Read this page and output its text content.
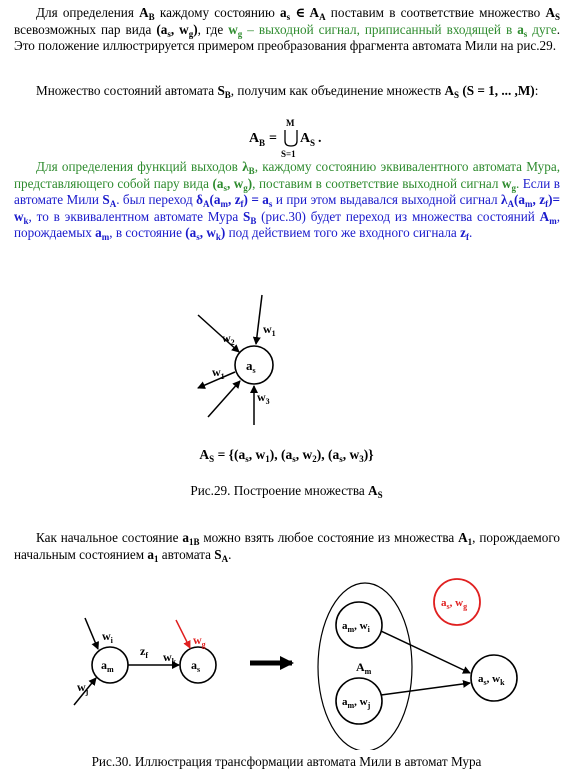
Для определения $A_B$ каждому состоянию $a_s$ ∈ $A_A$ поставим в соответствие множество $A_S$ всевозможных пар вида ($a_s$, $w_g$), где $w_g$ – выходной сигнал, приписанный входящей в $a_s$ дуге. Это положение иллюстрируется примером преобразования фрагмента автомата Мили на рис.29.

Множество состояний автомата $S_B$, получим как объединение множеств $A_S$ (S = 1, ... ,M):

A B =
M
S=1
A S .

Для определения функций выходов $\lambda_B$, каждому состоянию эквивалентного автомата Мура, представляющего собой пару вида ($a_s$, $w_g$), поставим в соответствие выходной сигнал $w_g$. Если в автомате Мили $S_A$. был переход $\delta_A(a_m$, $z_f) = a_s$ и при этом выдавался выходной сигнал $\lambda_A(a_m$, $z_f)= w_k$, то в эквивалентном автомате Мура $S_B$ (рис.30) будет переход из множества состояний $A_m$, порождаемых $a_m$, в состояние ($a_s$, $w_k$) под действием того же входного сигнала $z_f$.

$a_s$
$w_2$
$w_1$
$w_1$
$w_3$
$A_S = \{(a_s$, $w_1$), ($a_s$, $w_2$), ($a_s$, $w_3$)}
Рис.29. Построение множества $A_S$

Как начальное состояние $a_{1B}$ можно взять любое состояние из множества $A_1$, порождаемого начальным состоянием $a_1$ автомата $S_A$.

$a_m$	$a_s$
$w_i$
$w_j$
$z_f$ $w_k$
$w_g$
$A_m$
$a_m$, $w_i$
$a_m$, $w_j$
$a_s$, $w_k$
$a_s$, $w_g$
Рис.30. Иллюстрация трансформации автомата Мили в автомат Мура
